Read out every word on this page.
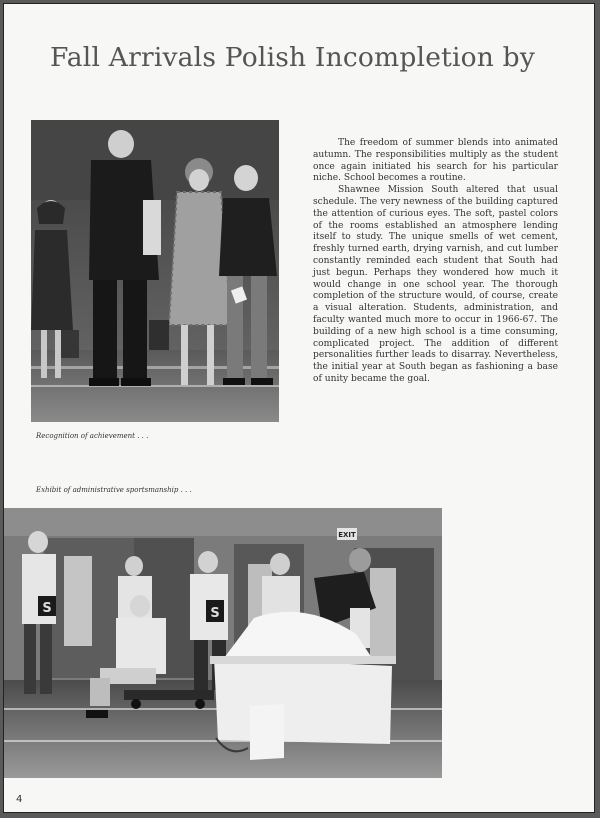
Fall Arrivals Polish Incompletion by
Recognition of achievement . . .

The freedom of summer blends into animated autumn. The responsibilities multiply as the student once again initiated his search for his particular niche. School becomes a routine.

Shawnee Mission South altered that usual schedule. The very newness of the building captured the attention of curious eyes. The soft, pastel colors of the rooms established an atmosphere lending itself to study. The unique smells of wet cement, freshly turned earth, drying varnish, and cut lumber constantly reminded each student that South had just begun. Perhaps they wondered how much it would change in one school year. The thorough completion of the structure would, of course, create a visual alteration. Students, administration, and faculty wanted much more to occur in 1966-67. The building of a new high school is a time consuming, complicated project. The addition of different personalities further leads to disarray. Nevertheless, the initial year at South began as fashioning a base of unity became the goal.

Exhibit of administrative sportsmanship . . .
EXIT
S	S
4
